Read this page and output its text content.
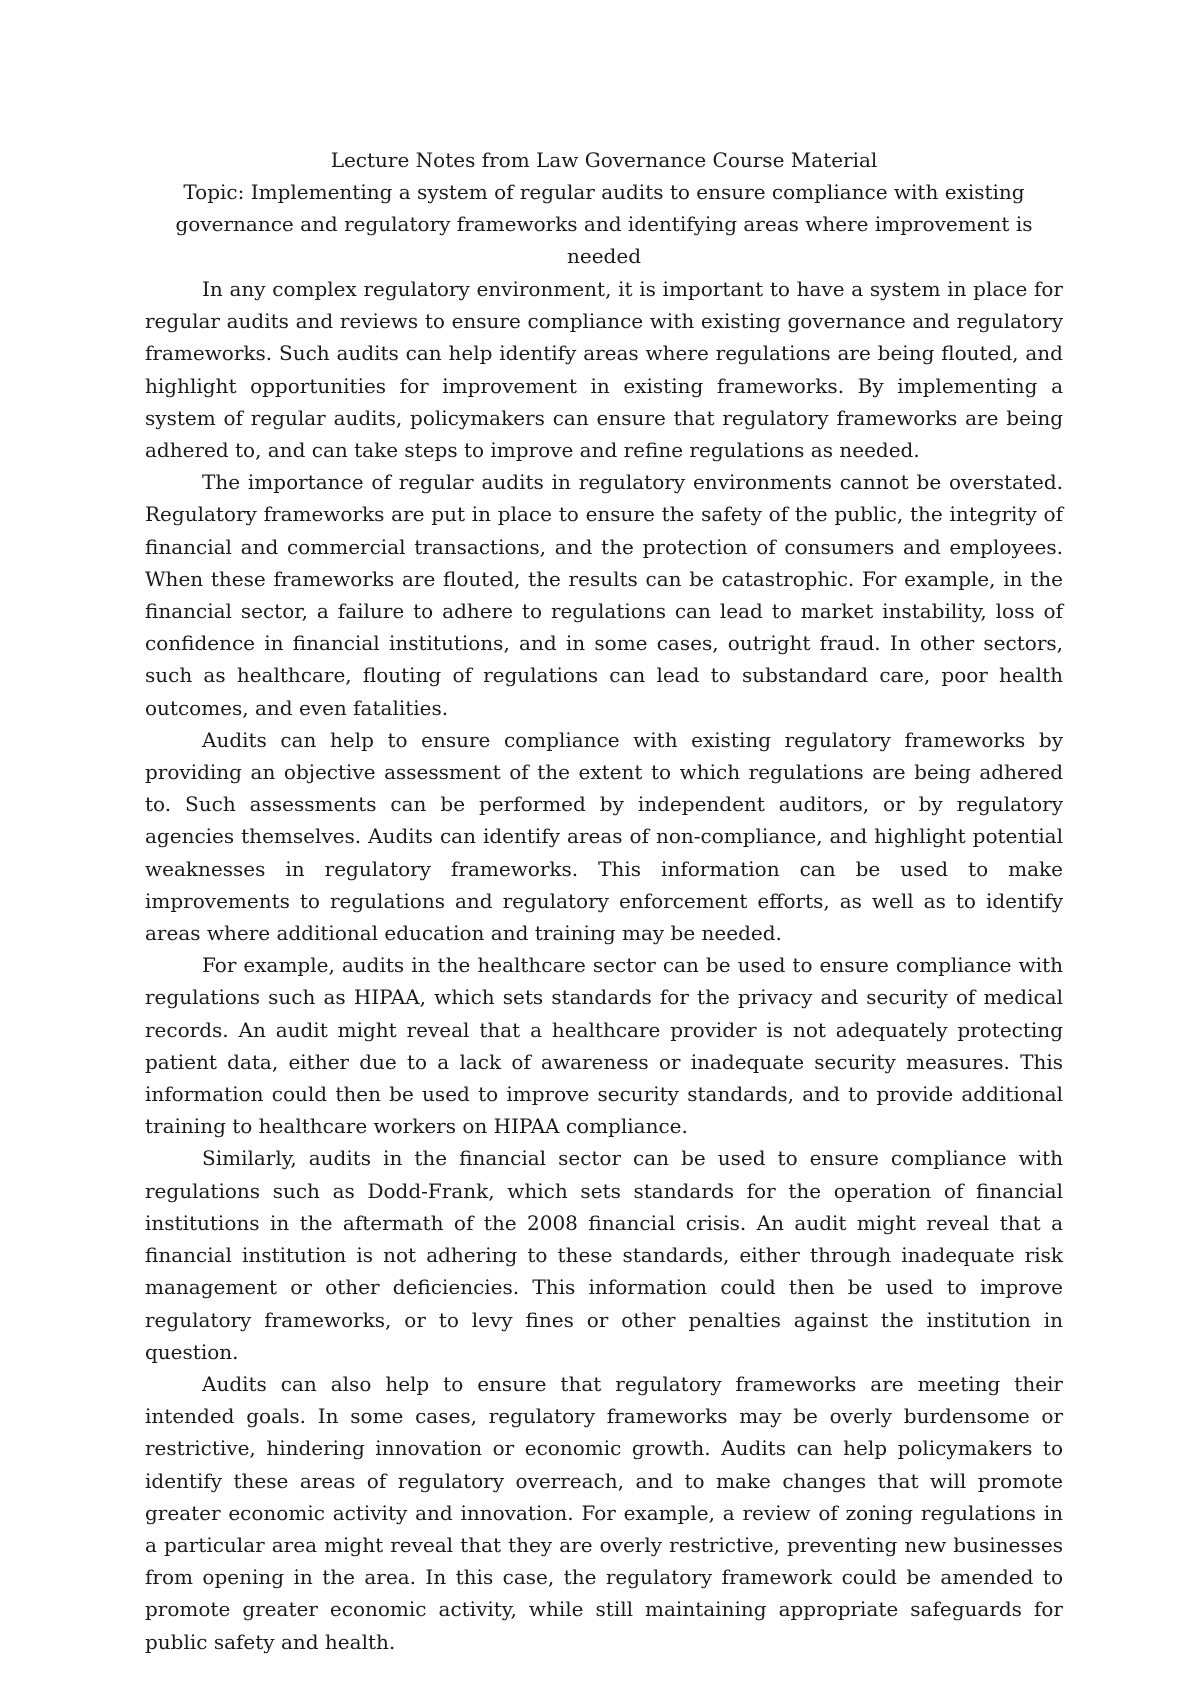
Lecture Notes from Law Governance Course Material
Topic: Implementing a system of regular audits to ensure compliance with existing
governance and regulatory frameworks and identifying areas where improvement is needed

In any complex regulatory environment, it is important to have a system in place for regular audits and reviews to ensure compliance with existing governance and regulatory frameworks. Such audits can help identify areas where regulations are being flouted, and highlight opportunities for improvement in existing frameworks. By implementing a system of regular audits, policymakers can ensure that regulatory frameworks are being adhered to, and can take steps to improve and refine regulations as needed.

The importance of regular audits in regulatory environments cannot be overstated. Regulatory frameworks are put in place to ensure the safety of the public, the integrity of financial and commercial transactions, and the protection of consumers and employees. When these frameworks are flouted, the results can be catastrophic. For example, in the financial sector, a failure to adhere to regulations can lead to market instability, loss of confidence in financial institutions, and in some cases, outright fraud. In other sectors, such as healthcare, flouting of regulations can lead to substandard care, poor health outcomes, and even fatalities.

Audits can help to ensure compliance with existing regulatory frameworks by providing an objective assessment of the extent to which regulations are being adhered to. Such assessments can be performed by independent auditors, or by regulatory agencies themselves. Audits can identify areas of non-compliance, and highlight potential weaknesses in regulatory frameworks. This information can be used to make improvements to regulations and regulatory enforcement efforts, as well as to identify areas where additional education and training may be needed.

For example, audits in the healthcare sector can be used to ensure compliance with regulations such as HIPAA, which sets standards for the privacy and security of medical records. An audit might reveal that a healthcare provider is not adequately protecting patient data, either due to a lack of awareness or inadequate security measures. This information could then be used to improve security standards, and to provide additional training to healthcare workers on HIPAA compliance.

Similarly, audits in the financial sector can be used to ensure compliance with regulations such as Dodd-Frank, which sets standards for the operation of financial institutions in the aftermath of the 2008 financial crisis. An audit might reveal that a financial institution is not adhering to these standards, either through inadequate risk management or other deficiencies. This information could then be used to improve regulatory frameworks, or to levy fines or other penalties against the institution in question.

Audits can also help to ensure that regulatory frameworks are meeting their intended goals. In some cases, regulatory frameworks may be overly burdensome or restrictive, hindering innovation or economic growth. Audits can help policymakers to identify these areas of regulatory overreach, and to make changes that will promote greater economic activity and innovation. For example, a review of zoning regulations in a particular area might reveal that they are overly restrictive, preventing new businesses from opening in the area. In this case, the regulatory framework could be amended to promote greater economic activity, while still maintaining appropriate safeguards for public safety and health.
